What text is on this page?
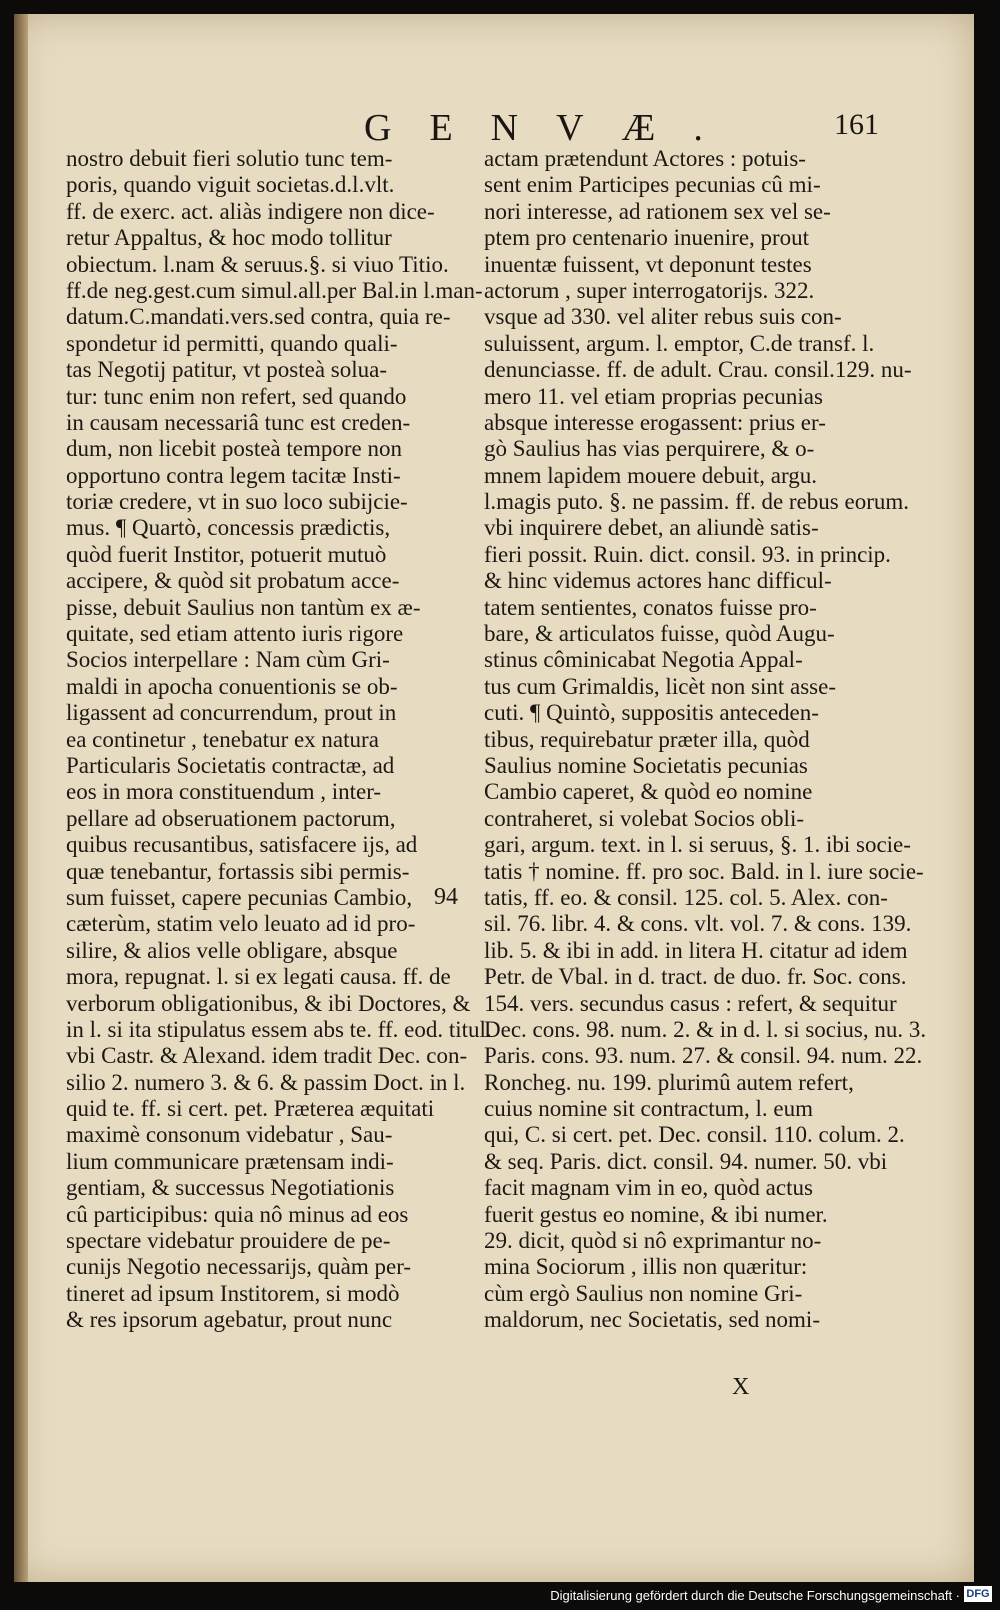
GENVÆ.	161
nostro debuit fieri solutio tunc tem-
poris, quando viguit societas.d.l.vlt.
ff. de exerc. act. aliàs indigere non dice-
retur Appaltus, & hoc modo tollitur
obiectum. l.nam & seruus.§. si viuo Titio.
ff.de neg.gest.cum simul.all.per Bal.in l.man-
datum.C.mandati.vers.sed contra, quia re-
spondetur id permitti, quando quali-
tas Negotij patitur, vt posteà solua-
tur: tunc enim non refert, sed quando
in causam necessariâ tunc est creden-
dum, non licebit posteà tempore non
opportuno contra legem tacitæ Insti-
toriæ credere, vt in suo loco subijcie-
mus. ¶ Quartò, concessis prædictis,
quòd fuerit Institor, potuerit mutuò
accipere, & quòd sit probatum acce-
pisse, debuit Saulius non tantùm ex æ-
quitate, sed etiam attento iuris rigore
Socios interpellare : Nam cùm Gri-
maldi in apocha conuentionis se ob-
ligassent ad concurrendum, prout in
ea continetur , tenebatur ex natura
Particularis Societatis contractæ, ad
eos in mora constituendum , inter-
pellare ad obseruationem pactorum,
quibus recusantibus, satisfacere ijs, ad
quæ tenebantur, fortassis sibi permis-
sum fuisset, capere pecunias Cambio,
cæterùm, statim velo leuato ad id pro-
silire, & alios velle obligare, absque
mora, repugnat. l. si ex legati causa. ff. de
verborum obligationibus, & ibi Doctores, &
in l. si ita stipulatus essem abs te. ff. eod. titul.
vbi Castr. & Alexand. idem tradit Dec. con-
silio 2. numero 3. & 6. & passim Doct. in l.
quid te. ff. si cert. pet. Præterea æquitati
maximè consonum videbatur , Sau-
lium communicare prætensam indi-
gentiam, & successus Negotiationis
cû participibus: quia nô minus ad eos
spectare videbatur prouidere de pe-
cunijs Negotio necessarijs, quàm per-
tineret ad ipsum Institorem, si modò
& res ipsorum agebatur, prout nunc
94
actam prætendunt Actores : potuis-
sent enim Participes pecunias cû mi-
nori interesse, ad rationem sex vel se-
ptem pro centenario inuenire, prout
inuentæ fuissent, vt deponunt testes
actorum , super interrogatorijs. 322.
vsque ad 330. vel aliter rebus suis con-
suluissent, argum. l. emptor, C.de transf. l.
denunciasse. ff. de adult. Crau. consil.129. nu-
mero 11. vel etiam proprias pecunias
absque interesse erogassent: prius er-
gò Saulius has vias perquirere, & o-
mnem lapidem mouere debuit, argu.
l.magis puto. §. ne passim. ff. de rebus eorum.
vbi inquirere debet, an aliundè satis-
fieri possit. Ruin. dict. consil. 93. in princip.
& hinc videmus actores hanc difficul-
tatem sentientes, conatos fuisse pro-
bare, & articulatos fuisse, quòd Augu-
stinus côminicabat Negotia Appal-
tus cum Grimaldis, licèt non sint asse-
cuti. ¶ Quintò, suppositis anteceden-
tibus, requirebatur præter illa, quòd
Saulius nomine Societatis pecunias
Cambio caperet, & quòd eo nomine
contraheret, si volebat Socios obli-
gari, argum. text. in l. si seruus, §. 1. ibi socie-
tatis † nomine. ff. pro soc. Bald. in l. iure socie-
tatis, ff. eo. & consil. 125. col. 5. Alex. con-
sil. 76. libr. 4. & cons. vlt. vol. 7. & cons. 139.
lib. 5. & ibi in add. in litera H. citatur ad idem
Petr. de Vbal. in d. tract. de duo. fr. Soc. cons.
154. vers. secundus casus : refert, & sequitur
Dec. cons. 98. num. 2. & in d. l. si socius, nu. 3.
Paris. cons. 93. num. 27. & consil. 94. num. 22.
Roncheg. nu. 199. plurimû autem refert,
cuius nomine sit contractum, l. eum
qui, C. si cert. pet. Dec. consil. 110. colum. 2.
& seq. Paris. dict. consil. 94. numer. 50. vbi
facit magnam vim in eo, quòd actus
fuerit gestus eo nomine, & ibi numer.
29. dicit, quòd si nô exprimantur no-
mina Sociorum , illis non quæritur:
cùm ergò Saulius non nomine Gri-
maldorum, nec Societatis, sed nomi-
X
Digitalisierung gefördert durch die Deutsche Forschungsgemeinschaft · DFG
